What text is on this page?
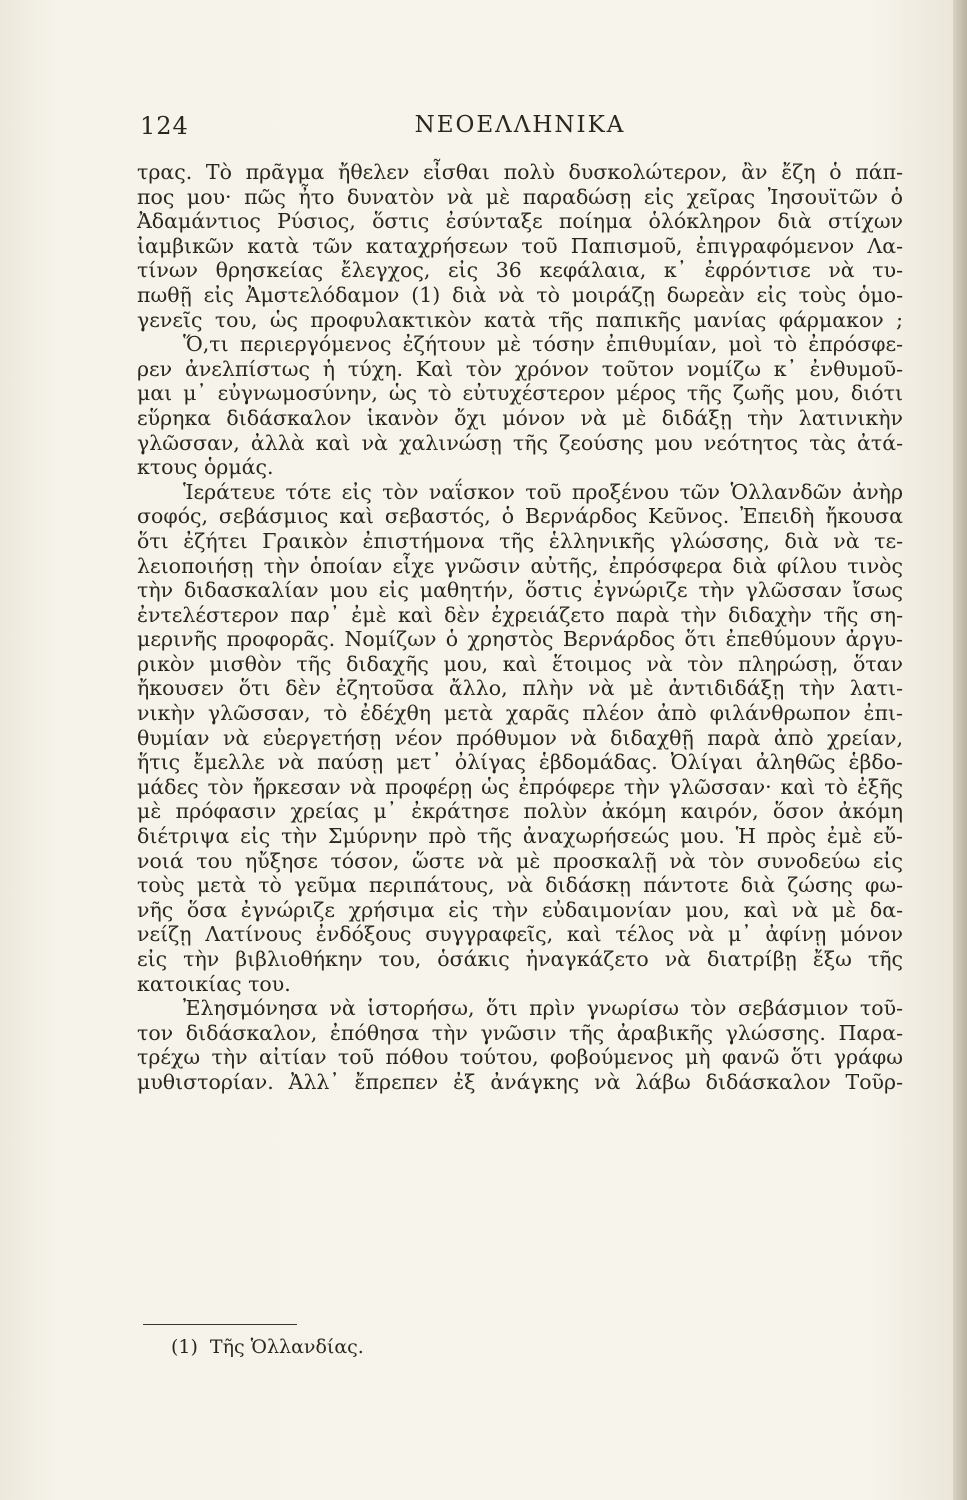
124	ΝΕΟΕΛΛΗΝΙΚΑ
τρας. Τὸ πρᾶγμα ἤθελεν εἶσθαι πολὺ δυσκολώτερον, ἂν ἔζη ὁ πάπ-
πος μου· πῶς ἦτο δυνατὸν νὰ μὲ παραδώσῃ εἰς χεῖρας Ἰησουϊτῶν ὁ
Ἀδαμάντιος Ρύσιος, ὅστις ἐσύνταξε ποίημα ὁλόκληρον διὰ στίχων
ἰαμβικῶν κατὰ τῶν καταχρήσεων τοῦ Παπισμοῦ, ἐπιγραφόμενον Λα-
τίνων θρησκείας ἔλεγχος, εἰς 36 κεφάλαια, κ᾽ ἐφρόντισε νὰ τυ-
πωθῇ εἰς Ἀμστελόδαμον (1) διὰ νὰ τὸ μοιράζῃ δωρεὰν εἰς τοὺς ὁμο-
γενεῖς του, ὡς προφυλακτικὸν κατὰ τῆς παπικῆς μανίας φάρμακον ;
Ὅ,τι περιεργόμενος ἐζήτουν μὲ τόσην ἐπιθυμίαν, μοὶ τὸ ἐπρόσφε-
ρεν ἀνελπίστως ἡ τύχη. Καὶ τὸν χρόνον τοῦτον νομίζω κ᾽ ἐνθυμοῦ-
μαι μ᾽ εὐγνωμοσύνην, ὡς τὸ εὐτυχέστερον μέρος τῆς ζωῆς μου, διότι
εὕρηκα διδάσκαλον ἱκανὸν ὄχι μόνον νὰ μὲ διδάξῃ τὴν λατινικὴν
γλῶσσαν, ἀλλὰ καὶ νὰ χαλινώσῃ τῆς ζεούσης μου νεότητος τὰς ἀτά-
κτους ὁρμάς.
Ἱεράτευε τότε εἰς τὸν ναΐσκον τοῦ προξένου τῶν Ὁλλανδῶν ἀνὴρ
σοφός, σεβάσμιος καὶ σεβαστός, ὁ Βερνάρδος Κεῦνος. Ἐπειδὴ ἤκουσα
ὅτι ἐζήτει Γραικὸν ἐπιστήμονα τῆς ἑλληνικῆς γλώσσης, διὰ νὰ τε-
λειοποιήσῃ τὴν ὁποίαν εἶχε γνῶσιν αὐτῆς, ἐπρόσφερα διὰ φίλου τινὸς
τὴν διδασκαλίαν μου εἰς μαθητήν, ὅστις ἐγνώριζε τὴν γλῶσσαν ἴσως
ἐντελέστερον παρ᾽ ἐμὲ καὶ δὲν ἐχρειάζετο παρὰ τὴν διδαχὴν τῆς ση-
μερινῆς προφορᾶς. Νομίζων ὁ χρηστὸς Βερνάρδος ὅτι ἐπεθύμουν ἀργυ-
ρικὸν μισθὸν τῆς διδαχῆς μου, καὶ ἕτοιμος νὰ τὸν πληρώσῃ, ὅταν
ἤκουσεν ὅτι δὲν ἐζητοῦσα ἄλλο, πλὴν νὰ μὲ ἀντιδιδάξῃ τὴν λατι-
νικὴν γλῶσσαν, τὸ ἐδέχθη μετὰ χαρᾶς πλέον ἀπὸ φιλάνθρωπον ἐπι-
θυμίαν νὰ εὐεργετήσῃ νέον πρόθυμον νὰ διδαχθῇ παρὰ ἀπὸ χρείαν,
ἥτις ἔμελλε νὰ παύσῃ μετ᾽ ὀλίγας ἑβδομάδας. Ὀλίγαι ἀληθῶς ἑβδο-
μάδες τὸν ἤρκεσαν νὰ προφέρῃ ὡς ἐπρόφερε τὴν γλῶσσαν· καὶ τὸ ἐξῆς
μὲ πρόφασιν χρείας μ᾽ ἐκράτησε πολὺν ἀκόμη καιρόν, ὅσον ἀκόμη
διέτριψα εἰς τὴν Σμύρνην πρὸ τῆς ἀναχωρήσεώς μου. Ἡ πρὸς ἐμὲ εὔ-
νοιά του ηὔξησε τόσον, ὥστε νὰ μὲ προσκαλῇ νὰ τὸν συνοδεύω εἰς
τοὺς μετὰ τὸ γεῦμα περιπάτους, νὰ διδάσκῃ πάντοτε διὰ ζώσης φω-
νῆς ὅσα ἐγνώριζε χρήσιμα εἰς τὴν εὐδαιμονίαν μου, καὶ νὰ μὲ δα-
νείζῃ Λατίνους ἐνδόξους συγγραφεῖς, καὶ τέλος νὰ μ᾽ ἀφίνῃ μόνον
εἰς τὴν βιβλιοθήκην του, ὁσάκις ἠναγκάζετο νὰ διατρίβῃ ἔξω τῆς
κατοικίας του.
Ἐλησμόνησα νὰ ἱστορήσω, ὅτι πρὶν γνωρίσω τὸν σεβάσμιον τοῦ-
τον διδάσκαλον, ἐπόθησα τὴν γνῶσιν τῆς ἀραβικῆς γλώσσης. Παρα-
τρέχω τὴν αἰτίαν τοῦ πόθου τούτου, φοβούμενος μὴ φανῶ ὅτι γράφω
μυθιστορίαν. Ἀλλ᾽ ἔπρεπεν ἐξ ἀνάγκης νὰ λάβω διδάσκαλον Τοῦρ-
(1) Τῆς Ὁλλανδίας.
